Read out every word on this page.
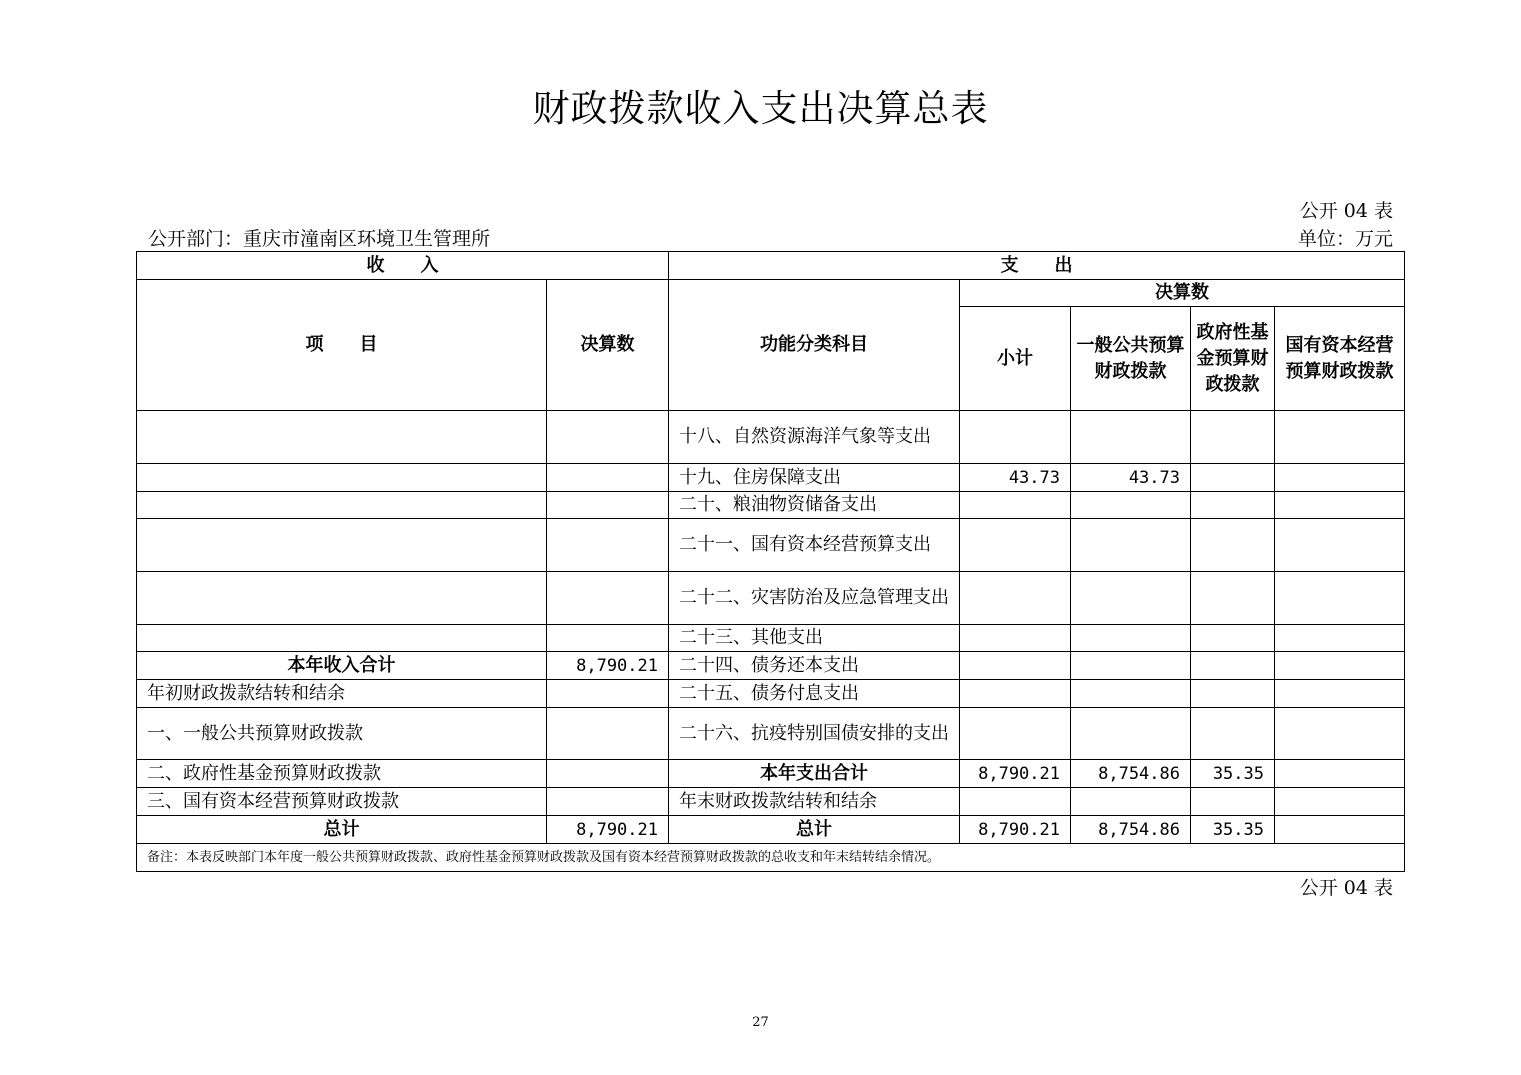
财政拨款收入支出决算总表
公开 04 表
公开部门：重庆市潼南区环境卫生管理所	单位：万元
收　　入		支　　出				
项　　目	决算数	功能分类科目	决算数			
			小计	一般公共预算财政拨款	政府性基金预算财政拨款	国有资本经营预算财政拨款
		十八、自然资源海洋气象等支出				
		十九、住房保障支出	43.73	43.73		
		二十、粮油物资储备支出				
		二十一、国有资本经营预算支出				
		二十二、灾害防治及应急管理支出				
		二十三、其他支出				
本年收入合计	8,790.21	二十四、债务还本支出				
年初财政拨款结转和结余		二十五、债务付息支出				
一、一般公共预算财政拨款		二十六、抗疫特别国债安排的支出				
二、政府性基金预算财政拨款		本年支出合计	8,790.21	8,754.86	35.35	
三、国有资本经营预算财政拨款		年末财政拨款结转和结余				
总计	8,790.21	总计	8,790.21	8,754.86	35.35	
备注：本表反映部门本年度一般公共预算财政拨款、政府性基金预算财政拨款及国有资本经营预算财政拨款的总收支和年末结转结余情况。						
公开 04 表
27
